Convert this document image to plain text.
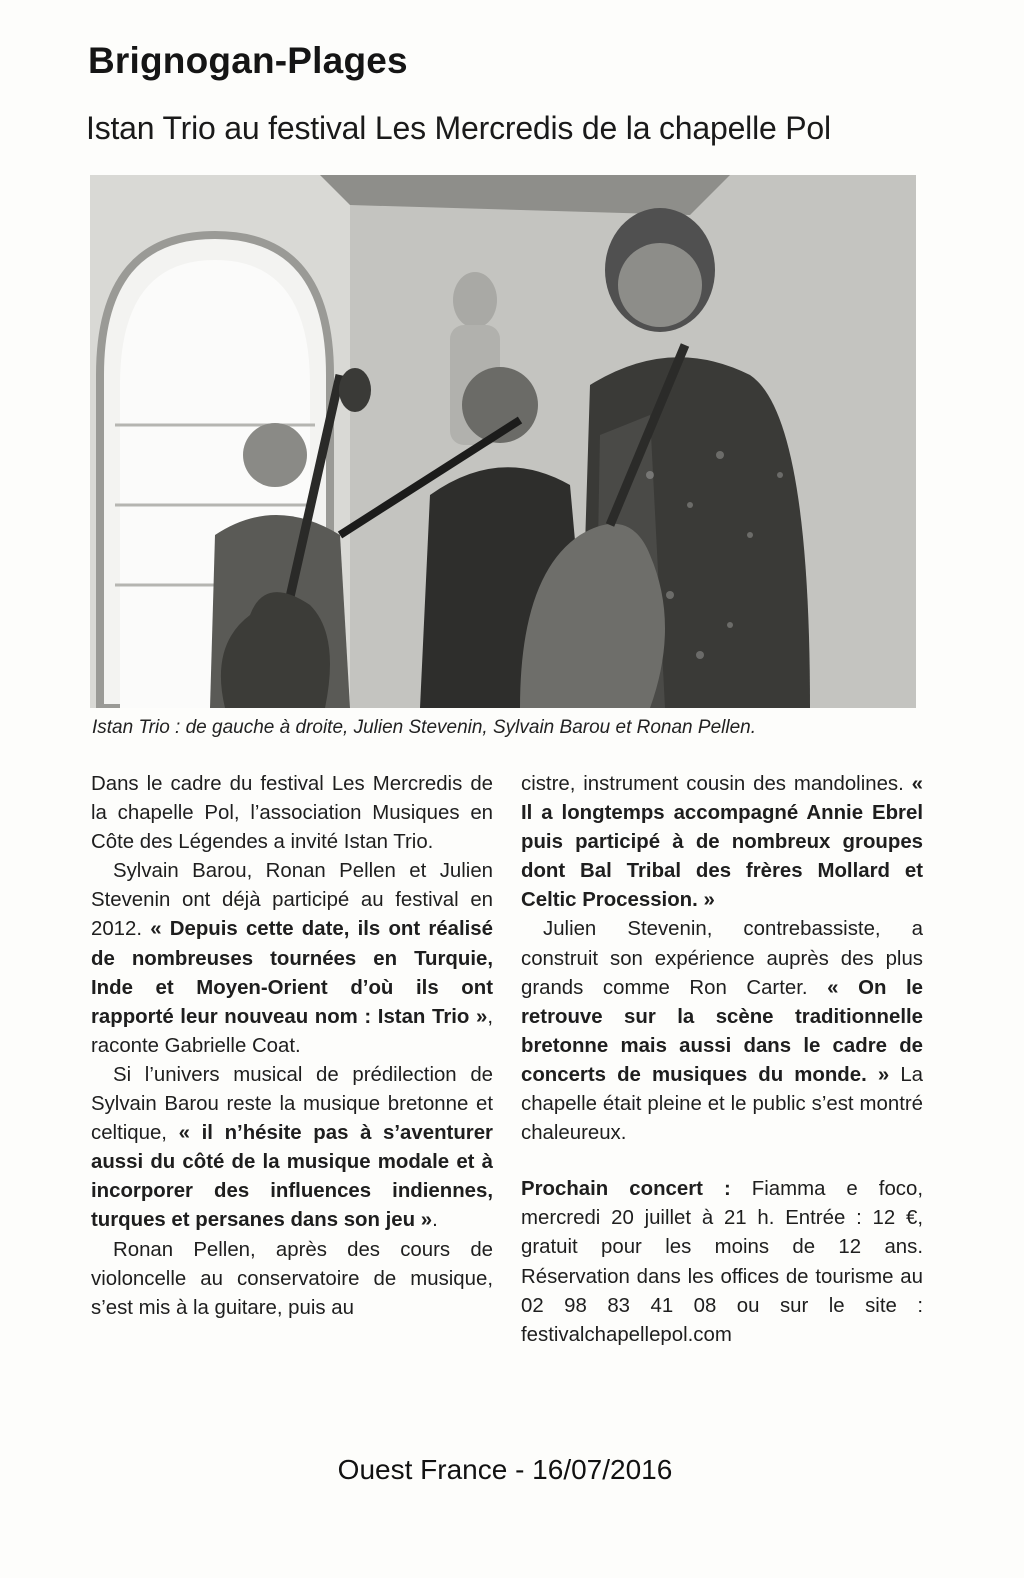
Brignogan-Plages
Istan Trio au festival Les Mercredis de la chapelle Pol

Istan Trio : de gauche à droite, Julien Stevenin, Sylvain Barou et Ronan Pellen.

Dans le cadre du festival Les Mercredis de la chapelle Pol, l’association Musiques en Côte des Légendes a invité Istan Trio.

Sylvain Barou, Ronan Pellen et Julien Stevenin ont déjà participé au festival en 2012. « Depuis cette date, ils ont réalisé de nombreuses tournées en Turquie, Inde et Moyen-Orient d’où ils ont rapporté leur nouveau nom : Istan Trio », raconte Gabrielle Coat.

Si l’univers musical de prédilection de Sylvain Barou reste la musique bretonne et celtique, « il n’hésite pas à s’aventurer aussi du côté de la musique modale et à incorporer des influences indiennes, turques et persanes dans son jeu ».

Ronan Pellen, après des cours de violoncelle au conservatoire de musique, s’est mis à la guitare, puis au

cistre, instrument cousin des mandolines. « Il a longtemps accompagné Annie Ebrel puis participé à de nombreux groupes dont Bal Tribal des frères Mollard et Celtic Procession. »

Julien Stevenin, contrebassiste, a construit son expérience auprès des plus grands comme Ron Carter. « On le retrouve sur la scène traditionnelle bretonne mais aussi dans le cadre de concerts de musiques du monde. » La chapelle était pleine et le public s’est montré chaleureux.

Prochain concert : Fiamma e foco, mercredi 20 juillet à 21 h. Entrée : 12 €, gratuit pour les moins de 12 ans. Réservation dans les offices de tourisme au 02 98 83 41 08 ou sur le site : festivalchapellepol.com

Ouest France - 16/07/2016
